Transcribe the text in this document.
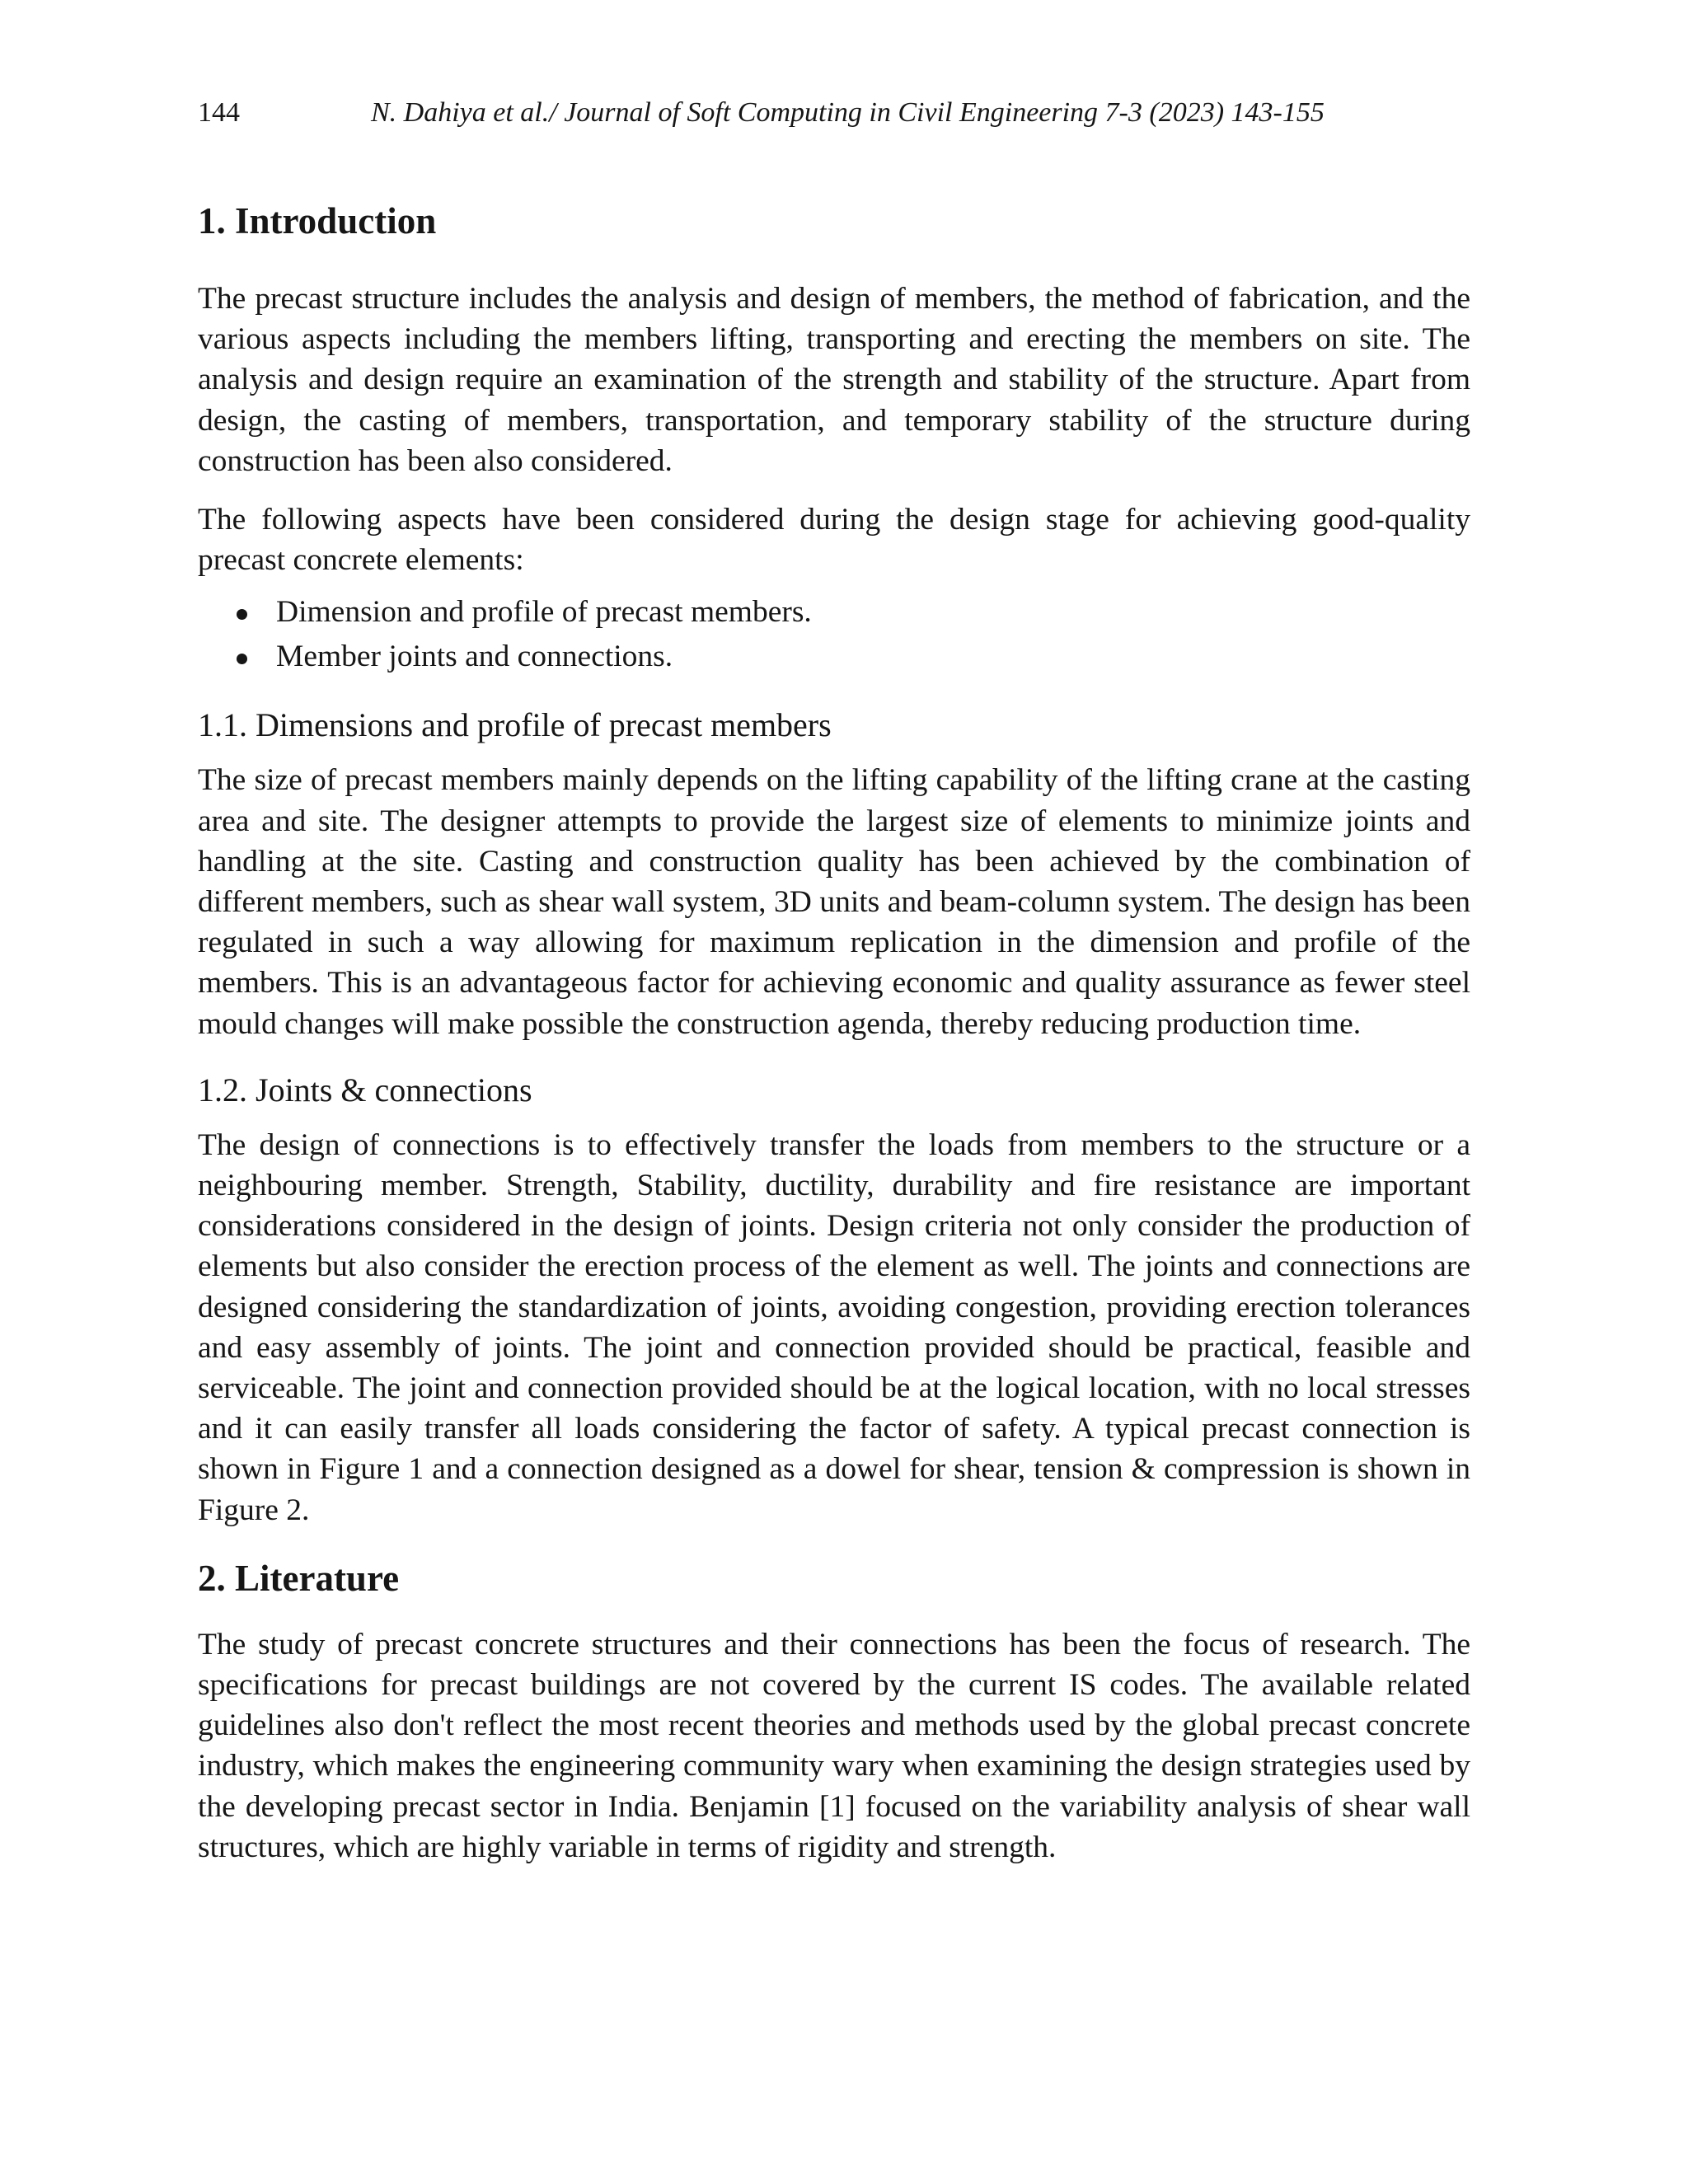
144	N. Dahiya et al./ Journal of Soft Computing in Civil Engineering 7-3 (2023) 143-155
1. Introduction

The precast structure includes the analysis and design of members, the method of fabrication, and the various aspects including the members lifting, transporting and erecting the members on site. The analysis and design require an examination of the strength and stability of the structure. Apart from design, the casting of members, transportation, and temporary stability of the structure during construction has been also considered.

The following aspects have been considered during the design stage for achieving good-quality precast concrete elements:

Dimension and profile of precast members.
Member joints and connections.
1.1. Dimensions and profile of precast members

The size of precast members mainly depends on the lifting capability of the lifting crane at the casting area and site. The designer attempts to provide the largest size of elements to minimize joints and handling at the site. Casting and construction quality has been achieved by the combination of different members, such as shear wall system, 3D units and beam-column system. The design has been regulated in such a way allowing for maximum replication in the dimension and profile of the members. This is an advantageous factor for achieving economic and quality assurance as fewer steel mould changes will make possible the construction agenda, thereby reducing production time.

1.2. Joints & connections

The design of connections is to effectively transfer the loads from members to the structure or a neighbouring member. Strength, Stability, ductility, durability and fire resistance are important considerations considered in the design of joints. Design criteria not only consider the production of elements but also consider the erection process of the element as well. The joints and connections are designed considering the standardization of joints, avoiding congestion, providing erection tolerances and easy assembly of joints. The joint and connection provided should be practical, feasible and serviceable. The joint and connection provided should be at the logical location, with no local stresses and it can easily transfer all loads considering the factor of safety. A typical precast connection is shown in Figure 1 and a connection designed as a dowel for shear, tension & compression is shown in Figure 2.

2. Literature

The study of precast concrete structures and their connections has been the focus of research. The specifications for precast buildings are not covered by the current IS codes. The available related guidelines also don't reflect the most recent theories and methods used by the global precast concrete industry, which makes the engineering community wary when examining the design strategies used by the developing precast sector in India. Benjamin [1] focused on the variability analysis of shear wall structures, which are highly variable in terms of rigidity and strength.
